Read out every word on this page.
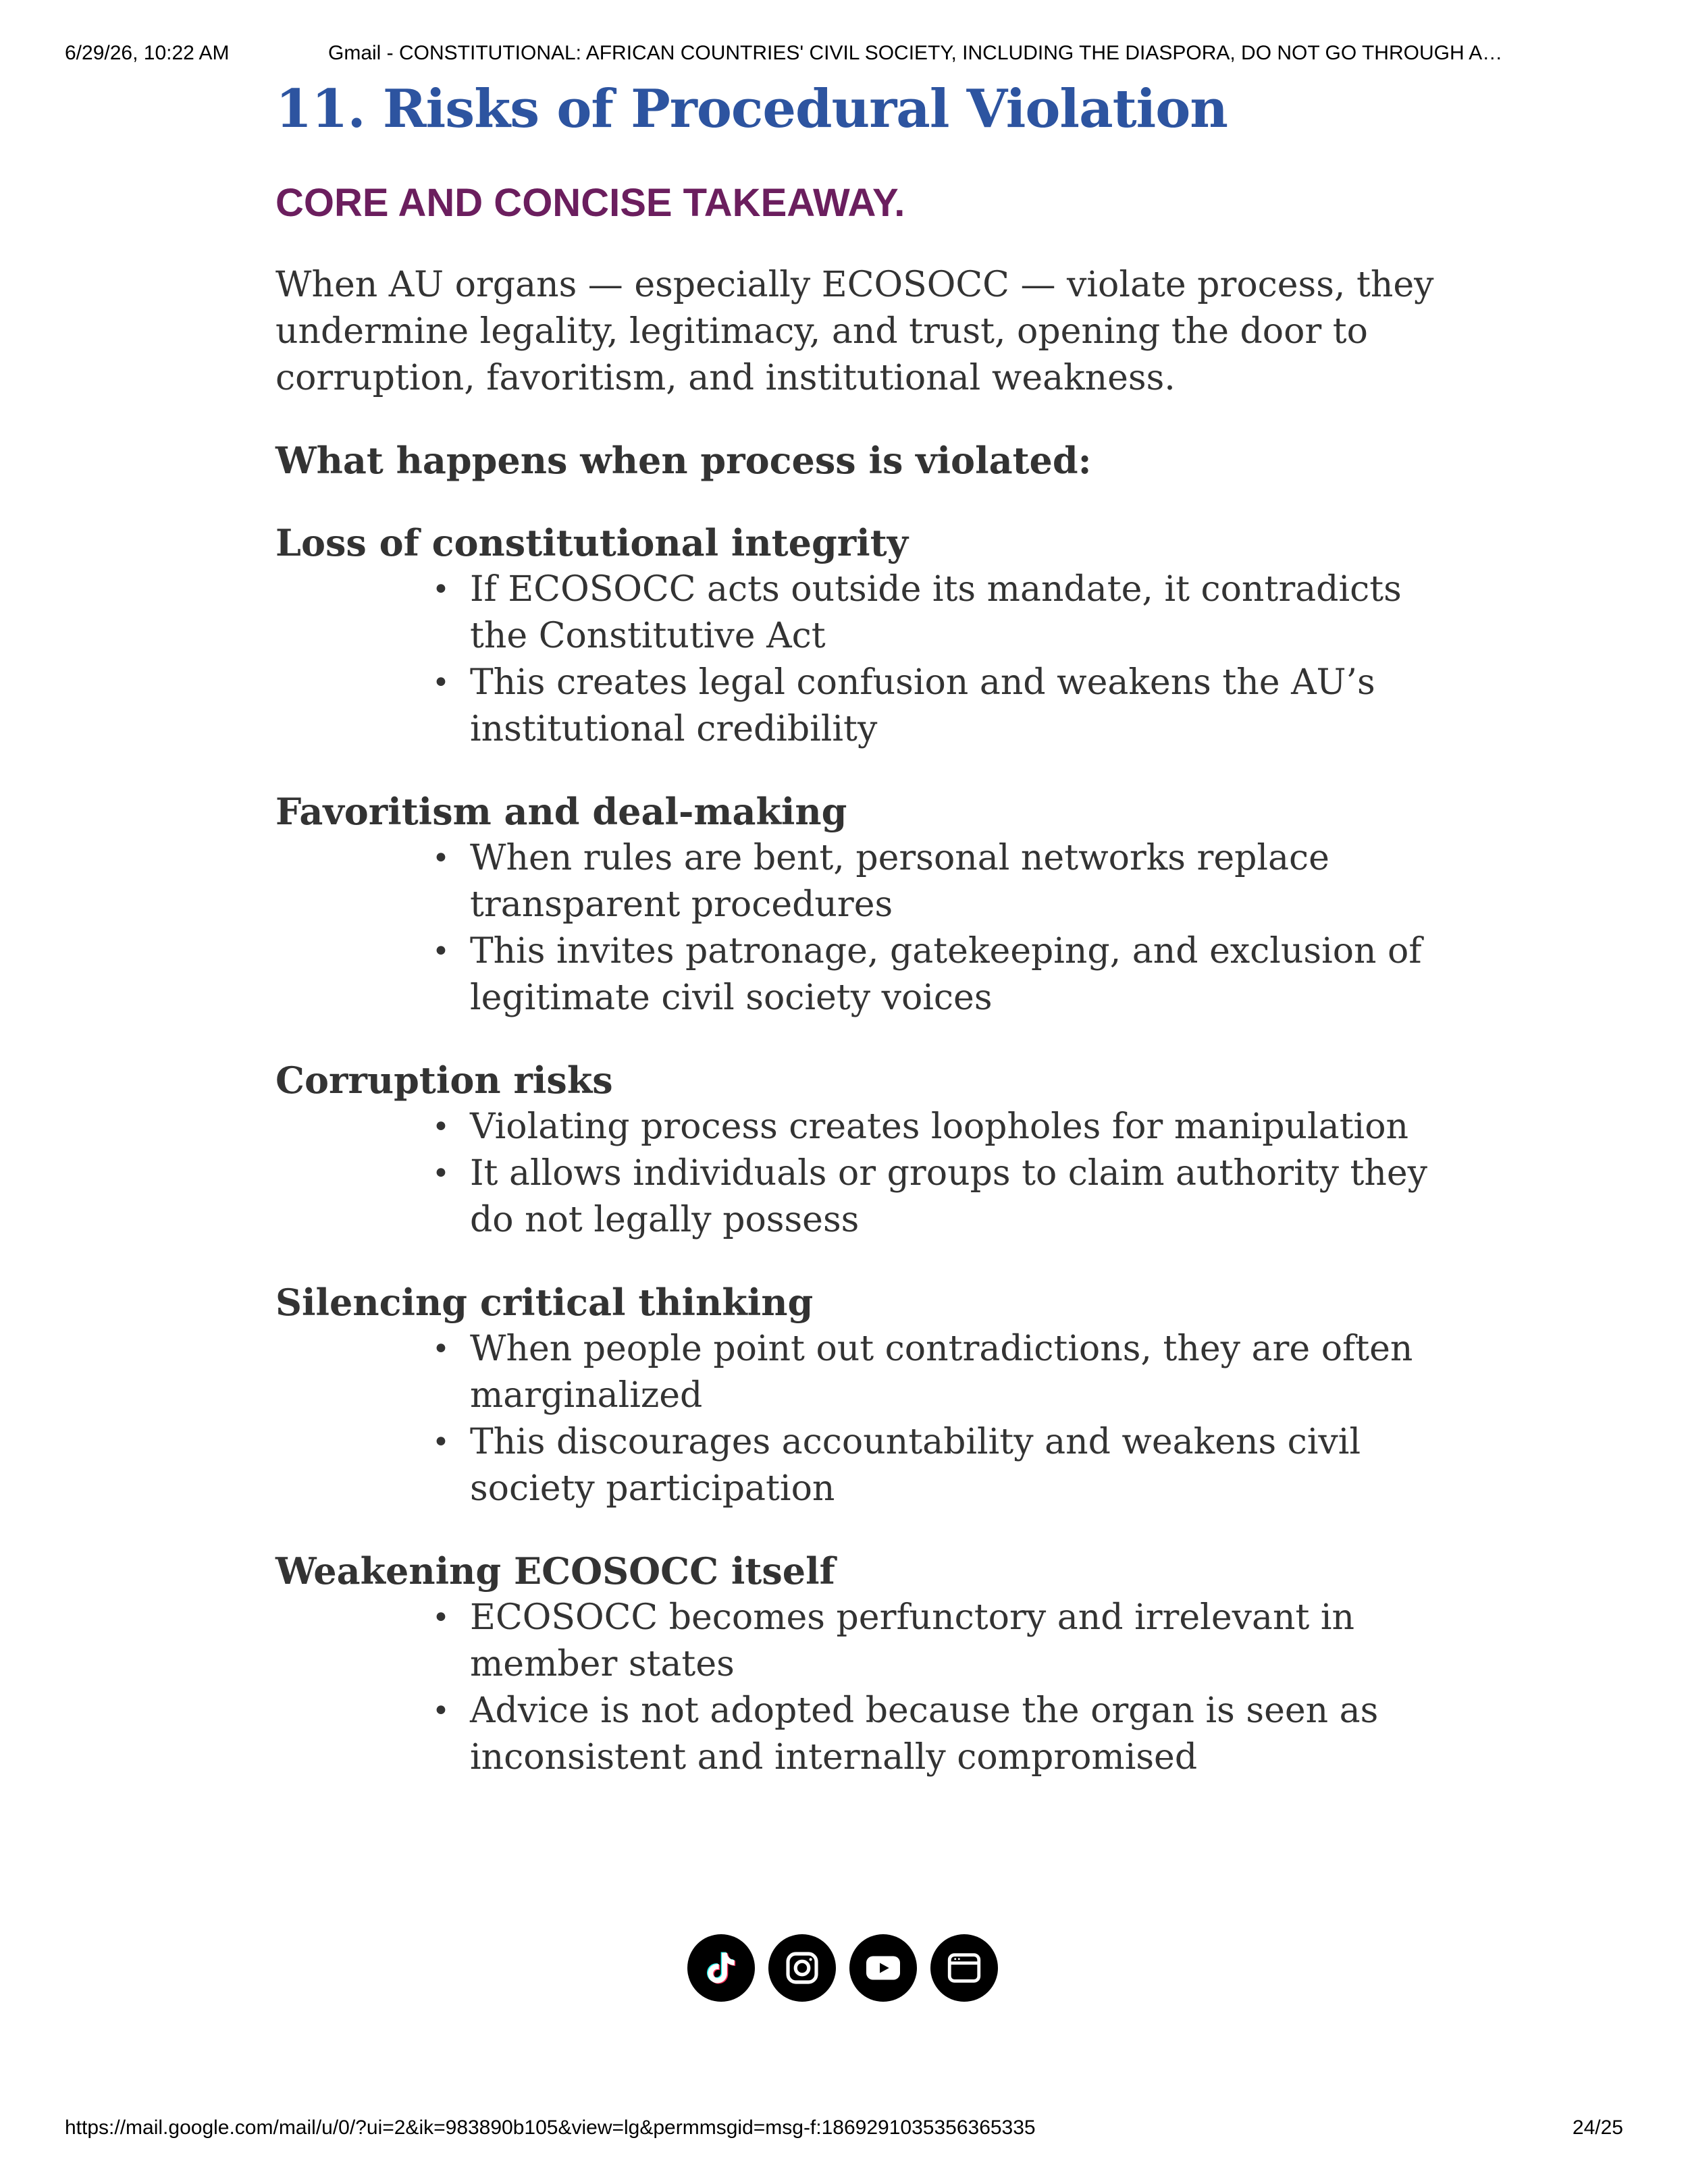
6/29/26, 10:22 AM	Gmail - CONSTITUTIONAL: AFRICAN COUNTRIES' CIVIL SOCIETY, INCLUDING THE DIASPORA, DO NOT GO THROUGH A…
11. Risks of Procedural Violation
CORE AND CONCISE TAKEAWAY.

When AU organs — especially ECOSOCC — violate process, they undermine legality, legitimacy, and trust, opening the door to corruption, favoritism, and institutional weakness.

What happens when process is violated:

Loss of constitutional integrity

• If ECOSOCC acts outside its mandate, it contradicts the Constitutive Act
• This creates legal confusion and weakens the AU’s institutional credibility

Favoritism and deal-making

• When rules are bent, personal networks replace transparent procedures
• This invites patronage, gatekeeping, and exclusion of legitimate civil society voices

Corruption risks

• Violating process creates loopholes for manipulation
• It allows individuals or groups to claim authority they do not legally possess

Silencing critical thinking

• When people point out contradictions, they are often marginalized
• This discourages accountability and weakens civil society participation

Weakening ECOSOCC itself

• ECOSOCC becomes perfunctory and irrelevant in member states
• Advice is not adopted because the organ is seen as inconsistent and internally compromised
https://mail.google.com/mail/u/0/?ui=2&ik=983890b105&view=lg&permmsgid=msg-f:1869291035356365335	24/25
